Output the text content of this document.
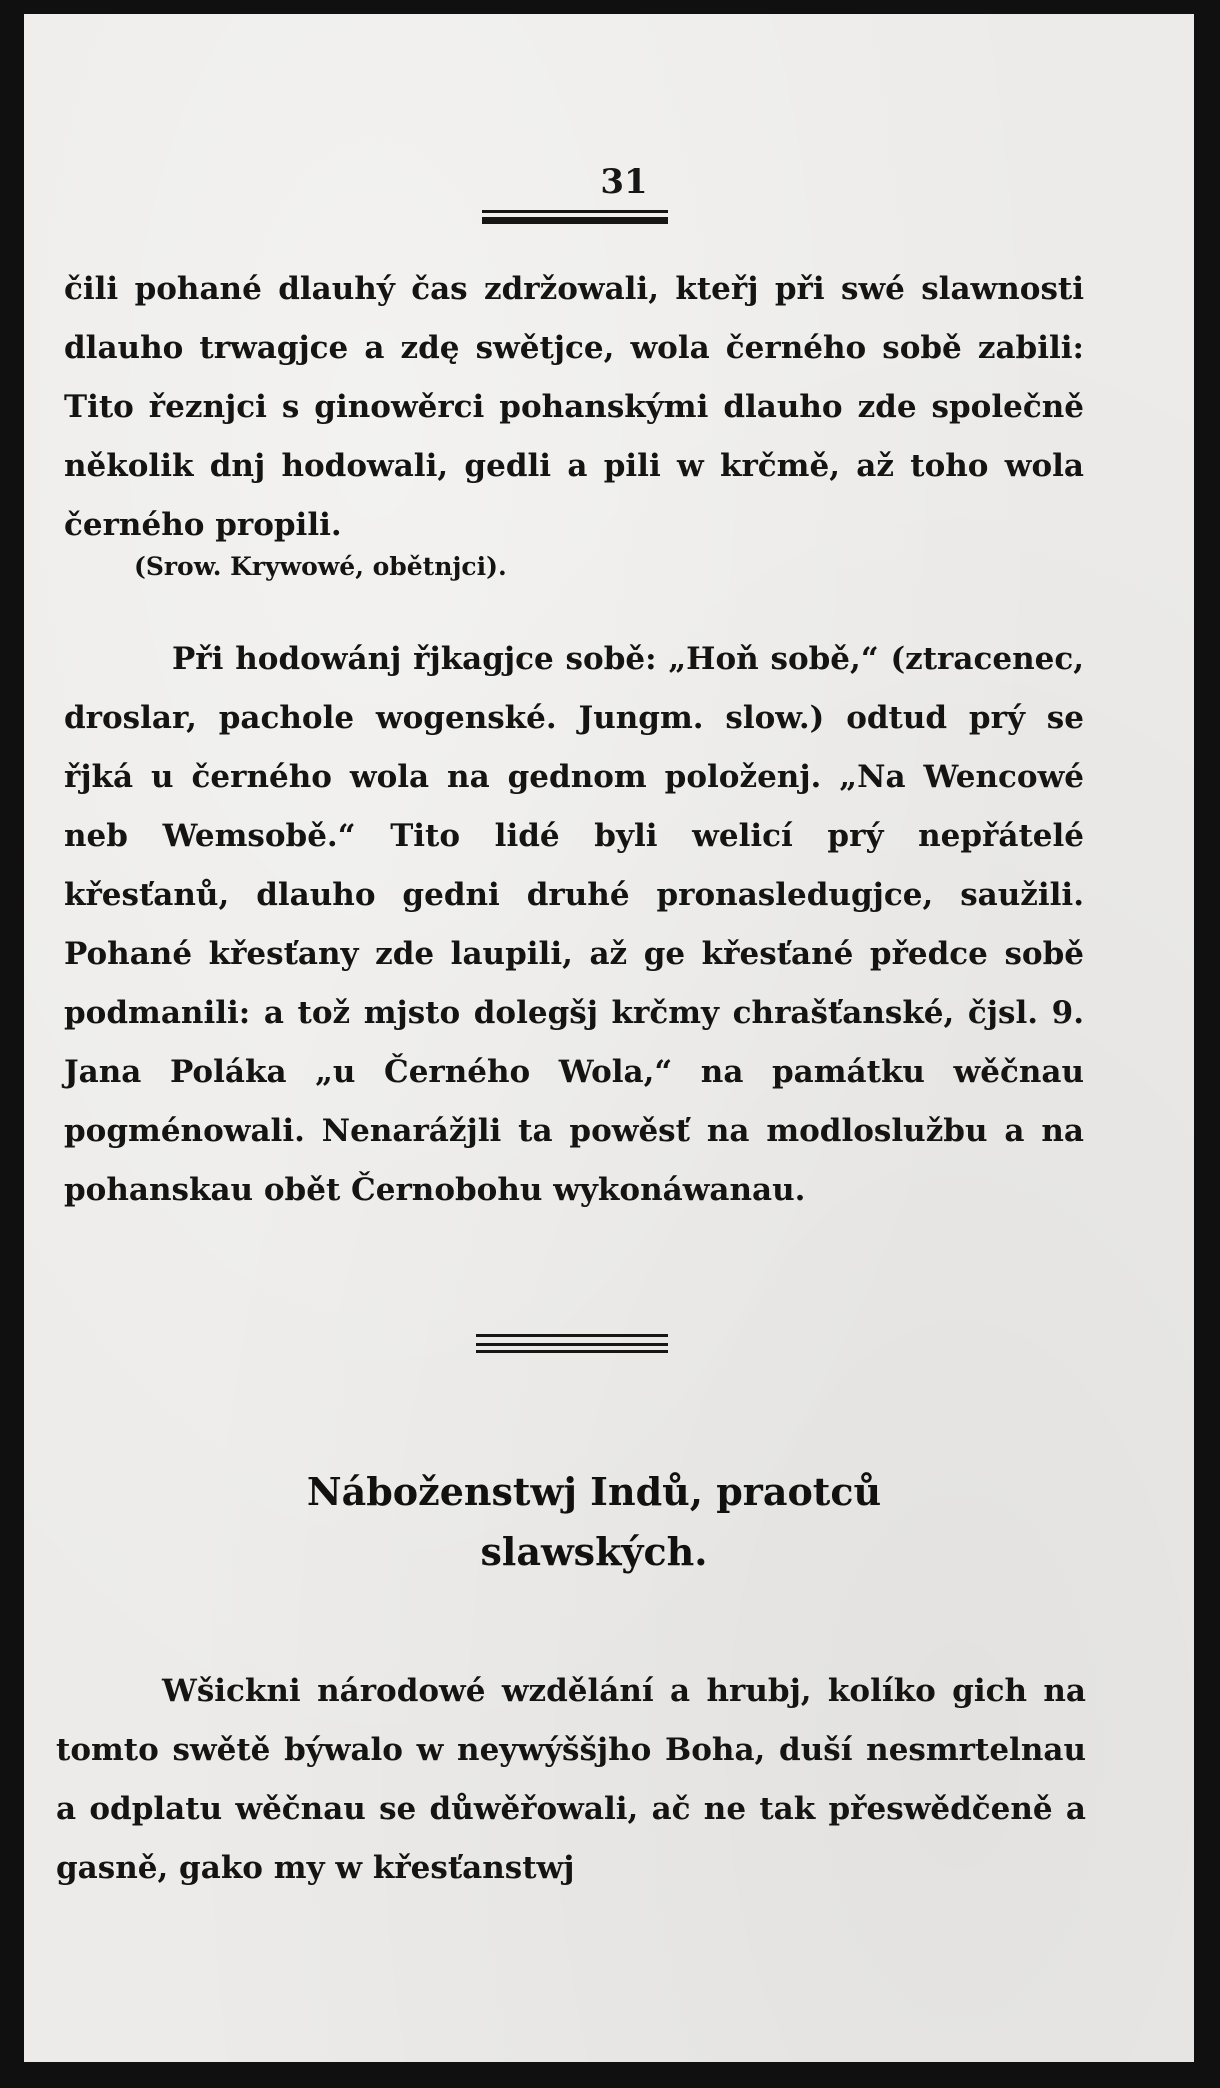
31

čili pohané dlauhý čas zdržowali, kteřj při swé slawnosti dlauho trwagjce a zdę swětjce, wola černého sobě zabili: Tito řeznjci s ginowěrci pohanskými dlauho zde společně několik dnj hodowali, gedli a pili w krčmě, až toho wola černého propili.

(Srow. Krywowé, obětnjci).

Při hodowánj řjkagjce sobě: „Hoň sobě,“ (ztracenec, droslar, pachole wogenské. Jungm. slow.) odtud prý se řjká u černého wola na gednom položenj. „Na Wencowé neb Wemsobě.“ Tito lidé byli welicí prý nepřátelé křesťanů, dlauho gedni druhé pronasledugjce, saužili. Pohané křesťany zde laupili, až ge křesťané předce sobě podmanili: a tož mjsto dolegšj krčmy chrašťanské, čjsl. 9. Jana Poláka „u Černého Wola,“ na památku wěčnau pogménowali. Nenarážjli ta powěsť na modloslužbu a na pohanskau obět Černobohu wykonáwanau.

Náboženstwj Indů, praotců
slawských.

Wšickni národowé wzdělání a hrubj, kolíko gich na tomto swětě býwalo w neywýššjho Boha, duší nesmrtelnau a odplatu wěčnau se důwěřowali, ač ne tak přeswědčeně a gasně, gako my w křesťanstwj
